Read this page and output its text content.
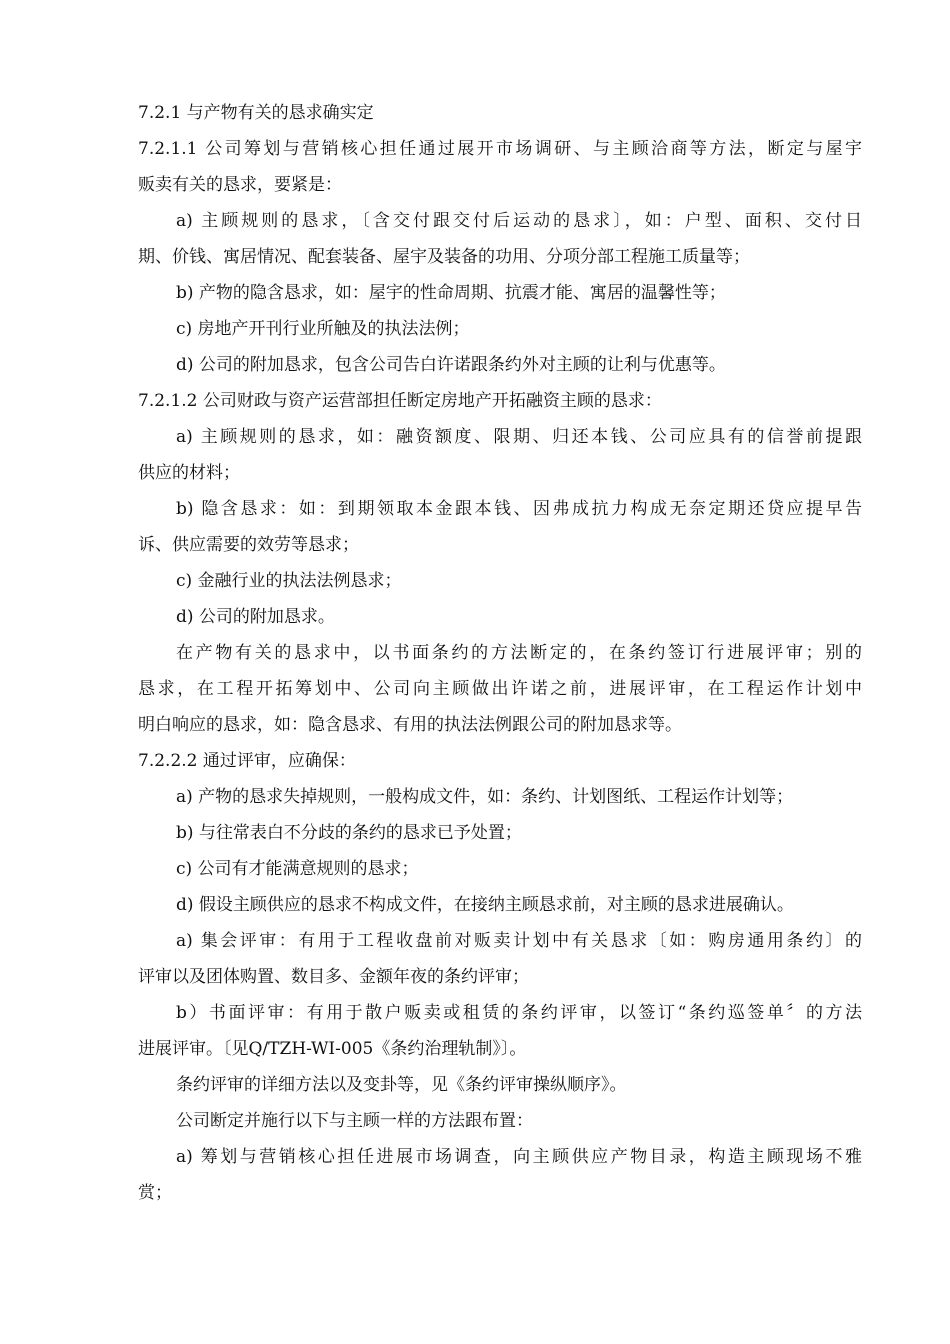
7.2.1 与产物有关的恳求确实定

7.2.1.1 公司筹划与营销核心担任通过展开市场调研、与主顾洽商等方法，断定与屋宇

贩卖有关的恳求，要紧是：

a) 主顾规则的恳求，〔含交付跟交付后运动的恳求〕，如：户型、面积、交付日

期、价钱、寓居情况、配套装备、屋宇及装备的功用、分项分部工程施工质量等；

b) 产物的隐含恳求，如：屋宇的性命周期、抗震才能、寓居的温馨性等；

c) 房地产开刊行业所触及的执法法例；

d) 公司的附加恳求，包含公司告白许诺跟条约外对主顾的让利与优惠等。

7.2.1.2 公司财政与资产运营部担任断定房地产开拓融资主顾的恳求：

a) 主顾规则的恳求，如：融资额度、限期、归还本钱、公司应具有的信誉前提跟

供应的材料；

b) 隐含恳求：如：到期领取本金跟本钱、因弗成抗力构成无奈定期还贷应提早告

诉、供应需要的效劳等恳求；

c) 金融行业的执法法例恳求；

d) 公司的附加恳求。

在产物有关的恳求中，以书面条约的方法断定的，在条约签订行进展评审；别的

恳求，在工程开拓筹划中、公司向主顾做出许诺之前，进展评审，在工程运作计划中

明白响应的恳求，如：隐含恳求、有用的执法法例跟公司的附加恳求等。

7.2.2.2 通过评审，应确保：

a) 产物的恳求失掉规则，一般构成文件，如：条约、计划图纸、工程运作计划等；

b) 与往常表白不分歧的条约的恳求已予处置；

c) 公司有才能满意规则的恳求；

d) 假设主顾供应的恳求不构成文件，在接纳主顾恳求前，对主顾的恳求进展确认。

a) 集会评审：有用于工程收盘前对贩卖计划中有关恳求〔如：购房通用条约〕的

评审以及团体购置、数目多、金额年夜的条约评审；

b）书面评审：有用于散户贩卖或租赁的条约评审，以签订“条约巡签单〞的方法

进展评审。〔见Q/TZH-WI-005《条约治理轨制》〕。

条约评审的详细方法以及变卦等，见《条约评审操纵顺序》。

公司断定并施行以下与主顾一样的方法跟布置：

a) 筹划与营销核心担任进展市场调查，向主顾供应产物目录，构造主顾现场不雅

赏；
